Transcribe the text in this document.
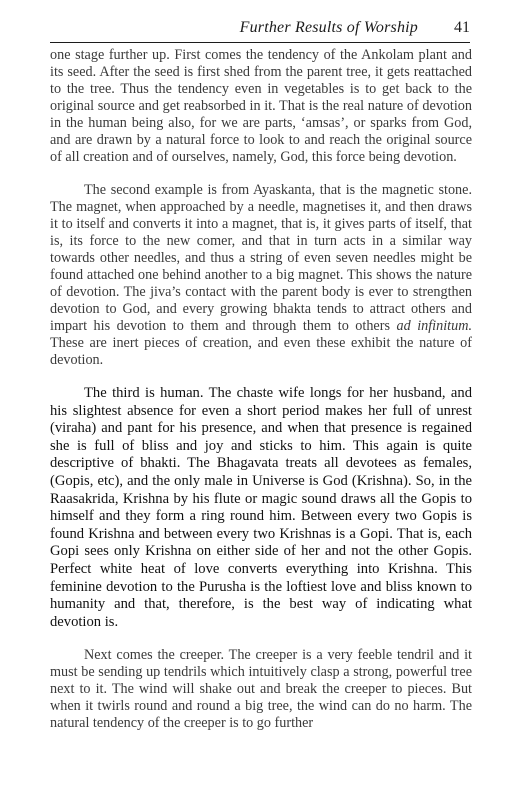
Further Results of Worship 41

one stage further up. First comes the tendency of the Ankolam plant and its seed. After the seed is first shed from the parent tree, it gets reattached to the tree. Thus the tendency even in vegetables is to get back to the original source and get reabsorbed in it. That is the real nature of devotion in the human being also, for we are parts, ‘amsas’, or sparks from God, and are drawn by a natural force to look to and reach the original source of all creation and of ourselves, namely, God, this force being devotion.

The second example is from Ayaskanta, that is the magnetic stone. The magnet, when approached by a needle, magnetises it, and then draws it to itself and converts it into a magnet, that is, it gives parts of itself, that is, its force to the new comer, and that in turn acts in a similar way towards other needles, and thus a string of even seven needles might be found attached one behind another to a big magnet. This shows the nature of devotion. The jiva’s contact with the parent body is ever to strengthen devotion to God, and every growing bhakta tends to attract others and impart his devotion to them and through them to others ad infinitum. These are inert pieces of creation, and even these exhibit the nature of devotion.

The third is human. The chaste wife longs for her husband, and his slightest absence for even a short period makes her full of unrest (viraha) and pant for his presence, and when that presence is regained she is full of bliss and joy and sticks to him. This again is quite descriptive of bhakti. The Bhagavata treats all devotees as females, (Gopis, etc), and the only male in Universe is God (Krishna). So, in the Raasakrida, Krishna by his flute or magic sound draws all the Gopis to himself and they form a ring round him. Between every two Gopis is found Krishna and between every two Krishnas is a Gopi. That is, each Gopi sees only Krishna on either side of her and not the other Gopis. Perfect white heat of love converts everything into Krishna. This feminine devotion to the Purusha is the loftiest love and bliss known to humanity and that, therefore, is the best way of indicating what devotion is.

Next comes the creeper. The creeper is a very feeble tendril and it must be sending up tendrils which intuitively clasp a strong, powerful tree next to it. The wind will shake out and break the creeper to pieces. But when it twirls round and round a big tree, the wind can do no harm. The natural tendency of the creeper is to go further
